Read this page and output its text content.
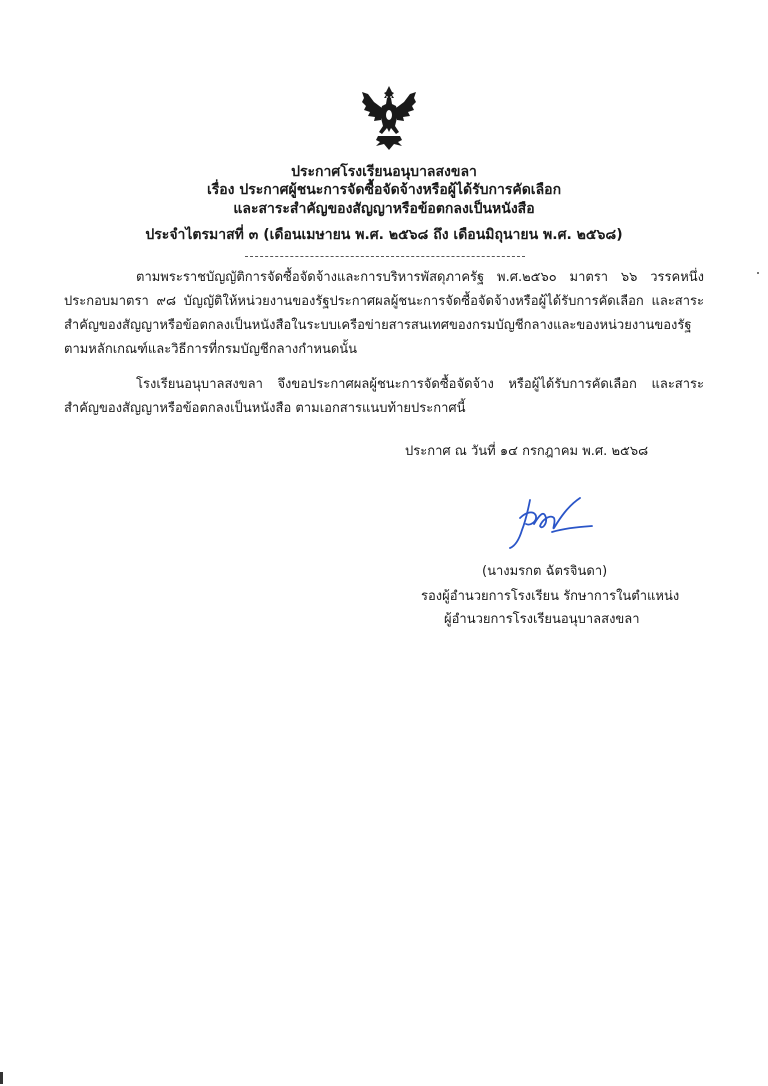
ประกาศโรงเรียนอนุบาลสงขลา
เรื่อง ประกาศผู้ชนะการจัดซื้อจัดจ้างหรือผู้ได้รับการคัดเลือก
และสาระสำคัญของสัญญาหรือข้อตกลงเป็นหนังสือ
ประจำไตรมาสที่ ๓ (เดือนเมษายน พ.ศ. ๒๕๖๘ ถึง เดือนมิถุนายน พ.ศ. ๒๕๖๘)

ตามพระราชบัญญัติการจัดซื้อจัดจ้างและการบริหารพัสดุภาครัฐ พ.ศ.๒๕๖๐ มาตรา ๖๖ วรรคหนึ่ง ประกอบมาตรา ๙๘ บัญญัติให้หน่วยงานของรัฐประกาศผลผู้ชนะการจัดซื้อจัดจ้างหรือผู้ได้รับการคัดเลือก และสาระสำคัญของสัญญาหรือข้อตกลงเป็นหนังสือในระบบเครือข่ายสารสนเทศของกรมบัญชีกลางและของหน่วยงานของรัฐตามหลักเกณฑ์และวิธีการที่กรมบัญชีกลางกำหนดนั้น

โรงเรียนอนุบาลสงขลา จึงขอประกาศผลผู้ชนะการจัดซื้อจัดจ้าง หรือผู้ได้รับการคัดเลือก และสาระสำคัญของสัญญาหรือข้อตกลงเป็นหนังสือ ตามเอกสารแนบท้ายประกาศนี้

ประกาศ ณ วันที่ ๑๔ กรกฎาคม พ.ศ. ๒๕๖๘
(นางมรกต ฉัตรจินดา)
รองผู้อำนวยการโรงเรียน รักษาการในตำแหน่ง
ผู้อำนวยการโรงเรียนอนุบาลสงขลา
